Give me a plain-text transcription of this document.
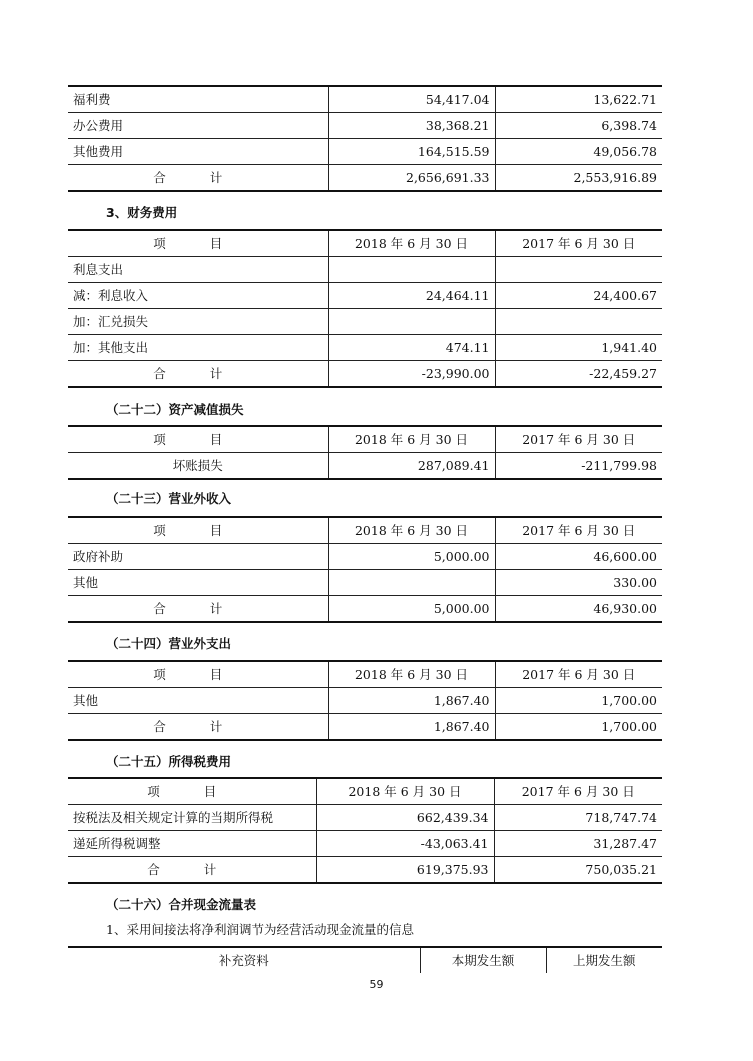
福利费	54,417.04	13,622.71
办公费用	38,368.21	6,398.74
其他费用	164,515.59	49,056.78
合 计	2,656,691.33	2,553,916.89
3、财务费用
项 目	2018 年 6 月 30 日	2017 年 6 月 30 日
利息支出		
减：利息收入	24,464.11	24,400.67
加：汇兑损失		
加：其他支出	474.11	1,941.40
合 计	-23,990.00	-22,459.27
（二十二）资产减值损失
项 目	2018 年 6 月 30 日	2017 年 6 月 30 日
坏账损失	287,089.41	-211,799.98
（二十三）营业外收入
项 目	2018 年 6 月 30 日	2017 年 6 月 30 日
政府补助	5,000.00	46,600.00
其他		330.00
合 计	5,000.00	46,930.00
（二十四）营业外支出
项 目	2018 年 6 月 30 日	2017 年 6 月 30 日
其他	1,867.40	1,700.00
合 计	1,867.40	1,700.00
（二十五）所得税费用
项 目	2018 年 6 月 30 日	2017 年 6 月 30 日
按税法及相关规定计算的当期所得税	662,439.34	718,747.74
递延所得税调整	-43,063.41	31,287.47
合 计	619,375.93	750,035.21
（二十六）合并现金流量表
1、采用间接法将净利润调节为经营活动现金流量的信息
补充资料	本期发生额	上期发生额
59
